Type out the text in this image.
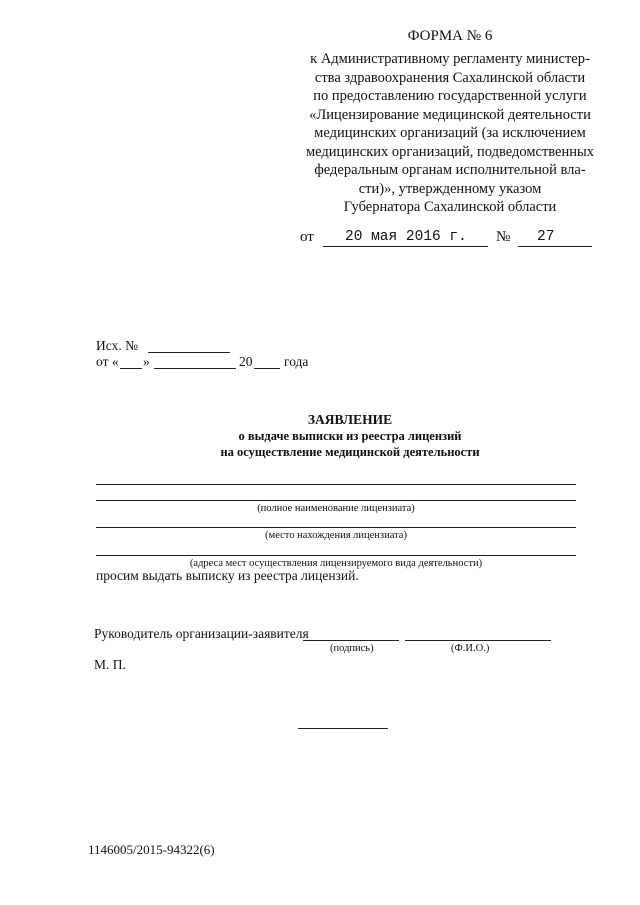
ФОРМА № 6
к Административному регламенту министер-
ства здравоохранения Сахалинской области
по предоставлению государственной услуги
«Лицензирование медицинской деятельности
медицинских организаций (за исключением
медицинских организаций, подведомственных
федеральным органам исполнительной вла-
сти)», утвержденному указом
Губернатора Сахалинской области
от 20 мая 2016 г. № 27
Исх. №
от « »	20 года
ЗАЯВЛЕНИЕ
о выдаче выписки из реестра лицензий
на осуществление медицинской деятельности
(полное наименование лицензиата)
(место нахождения лицензиата)
(адреса мест осуществления лицензируемого вида деятельности)
просим выдать выписку из реестра лицензий.
Руководитель организации-заявителя
(подпись)	(Ф.И.О.)
М. П.
1146005/2015-94322(6)
